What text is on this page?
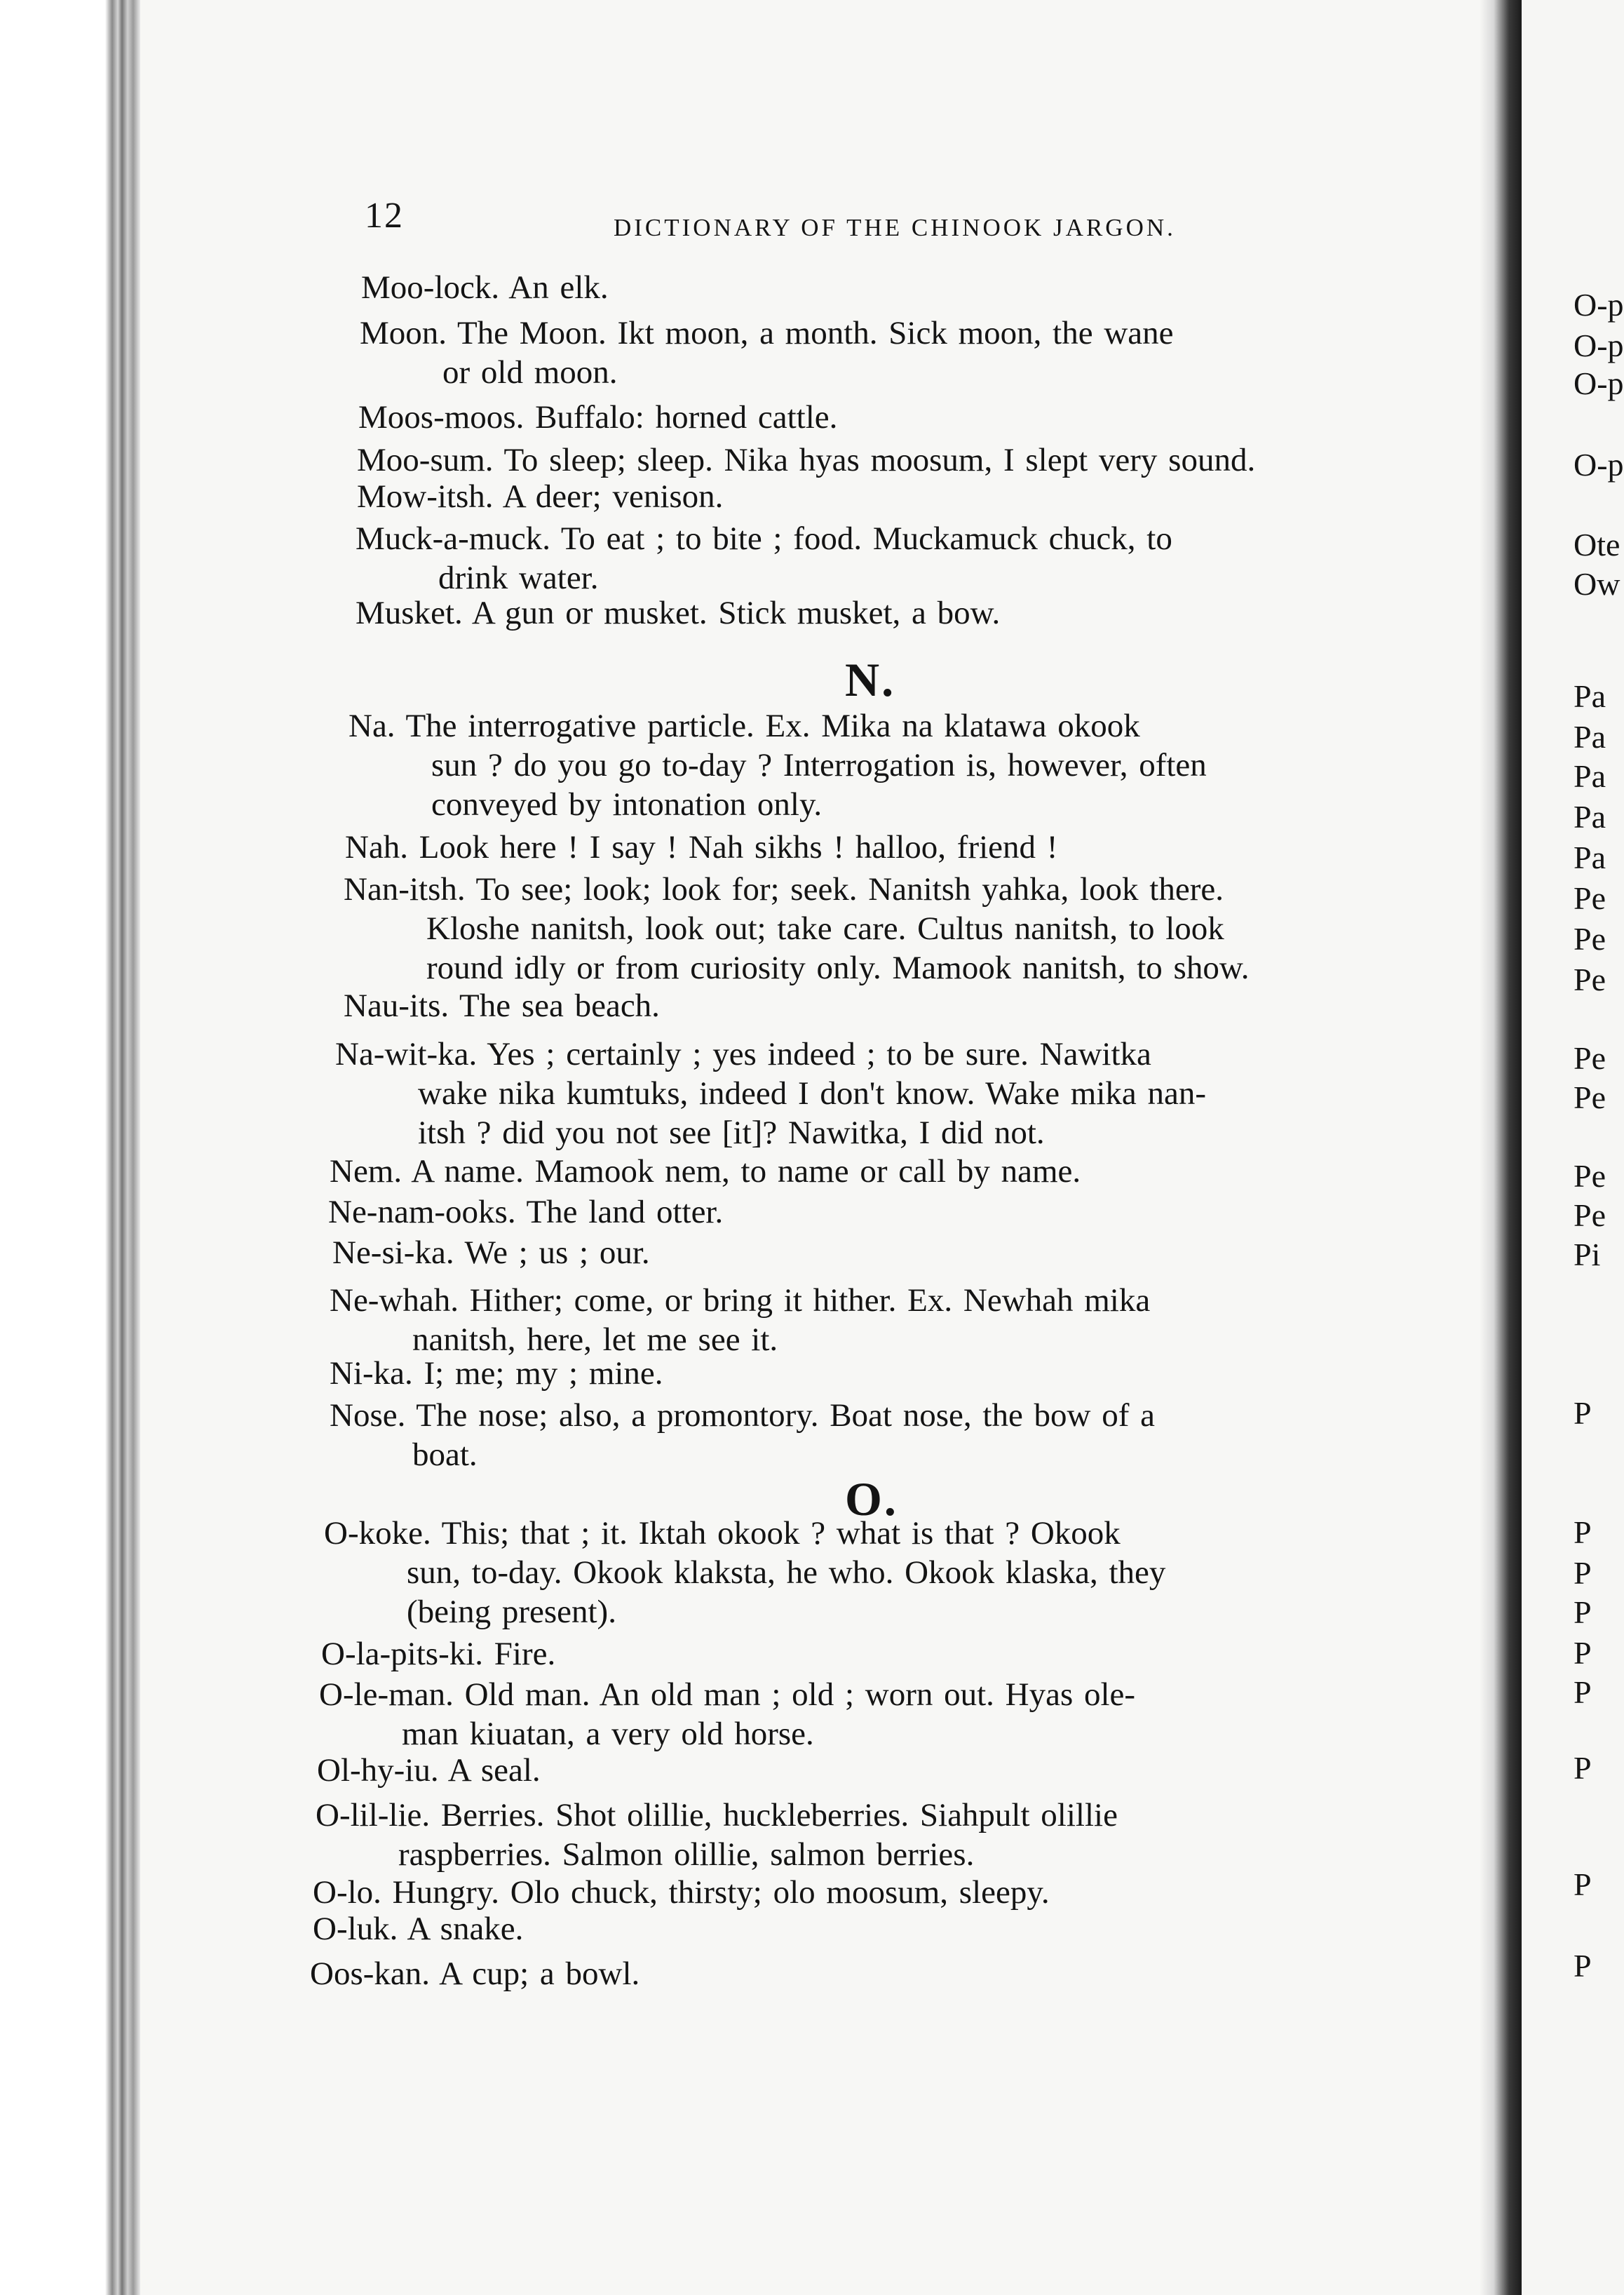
12	DICTIONARY OF THE CHINOOK JARGON.
Moo-lock. An elk.
Moon. The Moon. Ikt moon, a month. Sick moon, the wane
or old moon.
Moos-moos. Buffalo: horned cattle.
Moo-sum. To sleep; sleep. Nika hyas moosum, I slept very sound.
Mow-itsh. A deer; venison.
Muck-a-muck. To eat ; to bite ; food. Muckamuck chuck, to
drink water.
Musket. A gun or musket. Stick musket, a bow.
N.
Na. The interrogative particle. Ex. Mika na klatawa okook
sun ? do you go to-day ? Interrogation is, however, often
conveyed by intonation only.
Nah. Look here ! I say ! Nah sikhs ! halloo, friend !
Nan-itsh. To see; look; look for; seek. Nanitsh yahka, look there.
Kloshe nanitsh, look out; take care. Cultus nanitsh, to look
round idly or from curiosity only. Mamook nanitsh, to show.
Nau-its. The sea beach.
Na-wit-ka. Yes ; certainly ; yes indeed ; to be sure. Nawitka
wake nika kumtuks, indeed I don't know. Wake mika nan-
itsh ? did you not see [it]? Nawitka, I did not.
Nem. A name. Mamook nem, to name or call by name.
Ne-nam-ooks. The land otter.
Ne-si-ka. We ; us ; our.
Ne-whah. Hither; come, or bring it hither. Ex. Newhah mika
nanitsh, here, let me see it.
Ni-ka. I; me; my ; mine.
Nose. The nose; also, a promontory. Boat nose, the bow of a
boat.
O.
O-koke. This; that ; it. Iktah okook ? what is that ? Okook
sun, to-day. Okook klaksta, he who. Okook klaska, they
(being present).
O-la-pits-ki. Fire.
O-le-man. Old man. An old man ; old ; worn out. Hyas ole-
man kiuatan, a very old horse.
Ol-hy-iu. A seal.
O-lil-lie. Berries. Shot olillie, huckleberries. Siahpult olillie
raspberries. Salmon olillie, salmon berries.
O-lo. Hungry. Olo chuck, thirsty; olo moosum, sleepy.
O-luk. A snake.
Oos-kan. A cup; a bowl.
O-p
O-p
O-p
O-p
Ote
Ow
Pa
Pa
Pa
Pa
Pa
Pe
Pe
Pe
Pe
Pe
Pe
Pe
Pi
P
P
P
P
P
P
P
P
P
